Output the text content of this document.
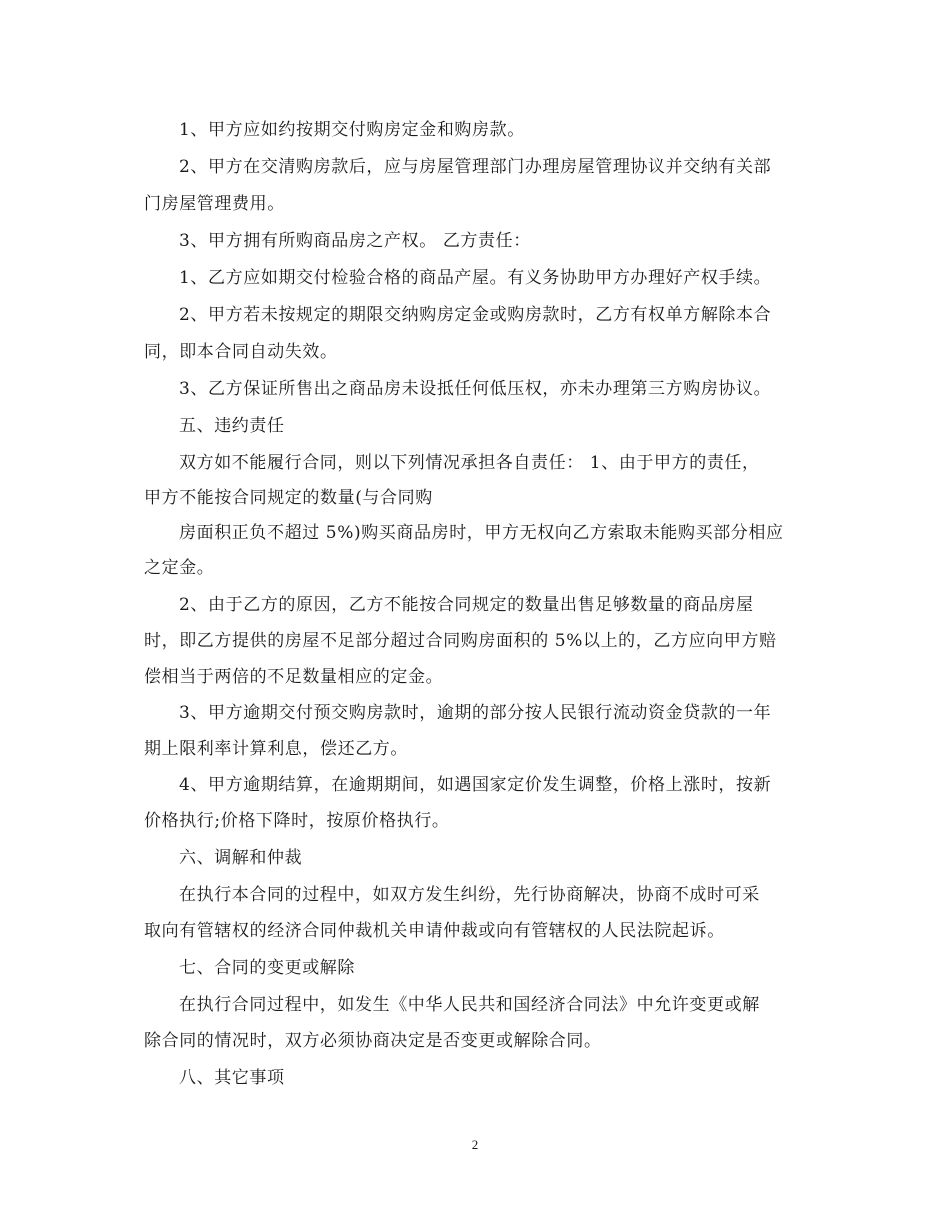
1、甲方应如约按期交付购房定金和购房款。
2、甲方在交清购房款后，应与房屋管理部门办理房屋管理协议并交纳有关部
门房屋管理费用。
3、甲方拥有所购商品房之产权。 乙方责任：
1、乙方应如期交付检验合格的商品产屋。有义务协助甲方办理好产权手续。
2、甲方若未按规定的期限交纳购房定金或购房款时，乙方有权单方解除本合
同，即本合同自动失效。
3、乙方保证所售出之商品房未设抵任何低压权，亦未办理第三方购房协议。
五、违约责任
双方如不能履行合同，则以下列情况承担各自责任： 1、由于甲方的责任，
甲方不能按合同规定的数量(与合同购
房面积正负不超过 5%)购买商品房时，甲方无权向乙方索取未能购买部分相应
之定金。
2、由于乙方的原因，乙方不能按合同规定的数量出售足够数量的商品房屋
时，即乙方提供的房屋不足部分超过合同购房面积的 5%以上的，乙方应向甲方赔
偿相当于两倍的不足数量相应的定金。
3、甲方逾期交付预交购房款时，逾期的部分按人民银行流动资金贷款的一年
期上限利率计算利息，偿还乙方。
4、甲方逾期结算，在逾期期间，如遇国家定价发生调整，价格上涨时，按新
价格执行;价格下降时，按原价格执行。
六、调解和仲裁
在执行本合同的过程中，如双方发生纠纷，先行协商解决，协商不成时可采
取向有管辖权的经济合同仲裁机关申请仲裁或向有管辖权的人民法院起诉。
七、合同的变更或解除
在执行合同过程中，如发生《中华人民共和国经济合同法》中允许变更或解
除合同的情况时，双方必须协商决定是否变更或解除合同。
八、其它事项
2
